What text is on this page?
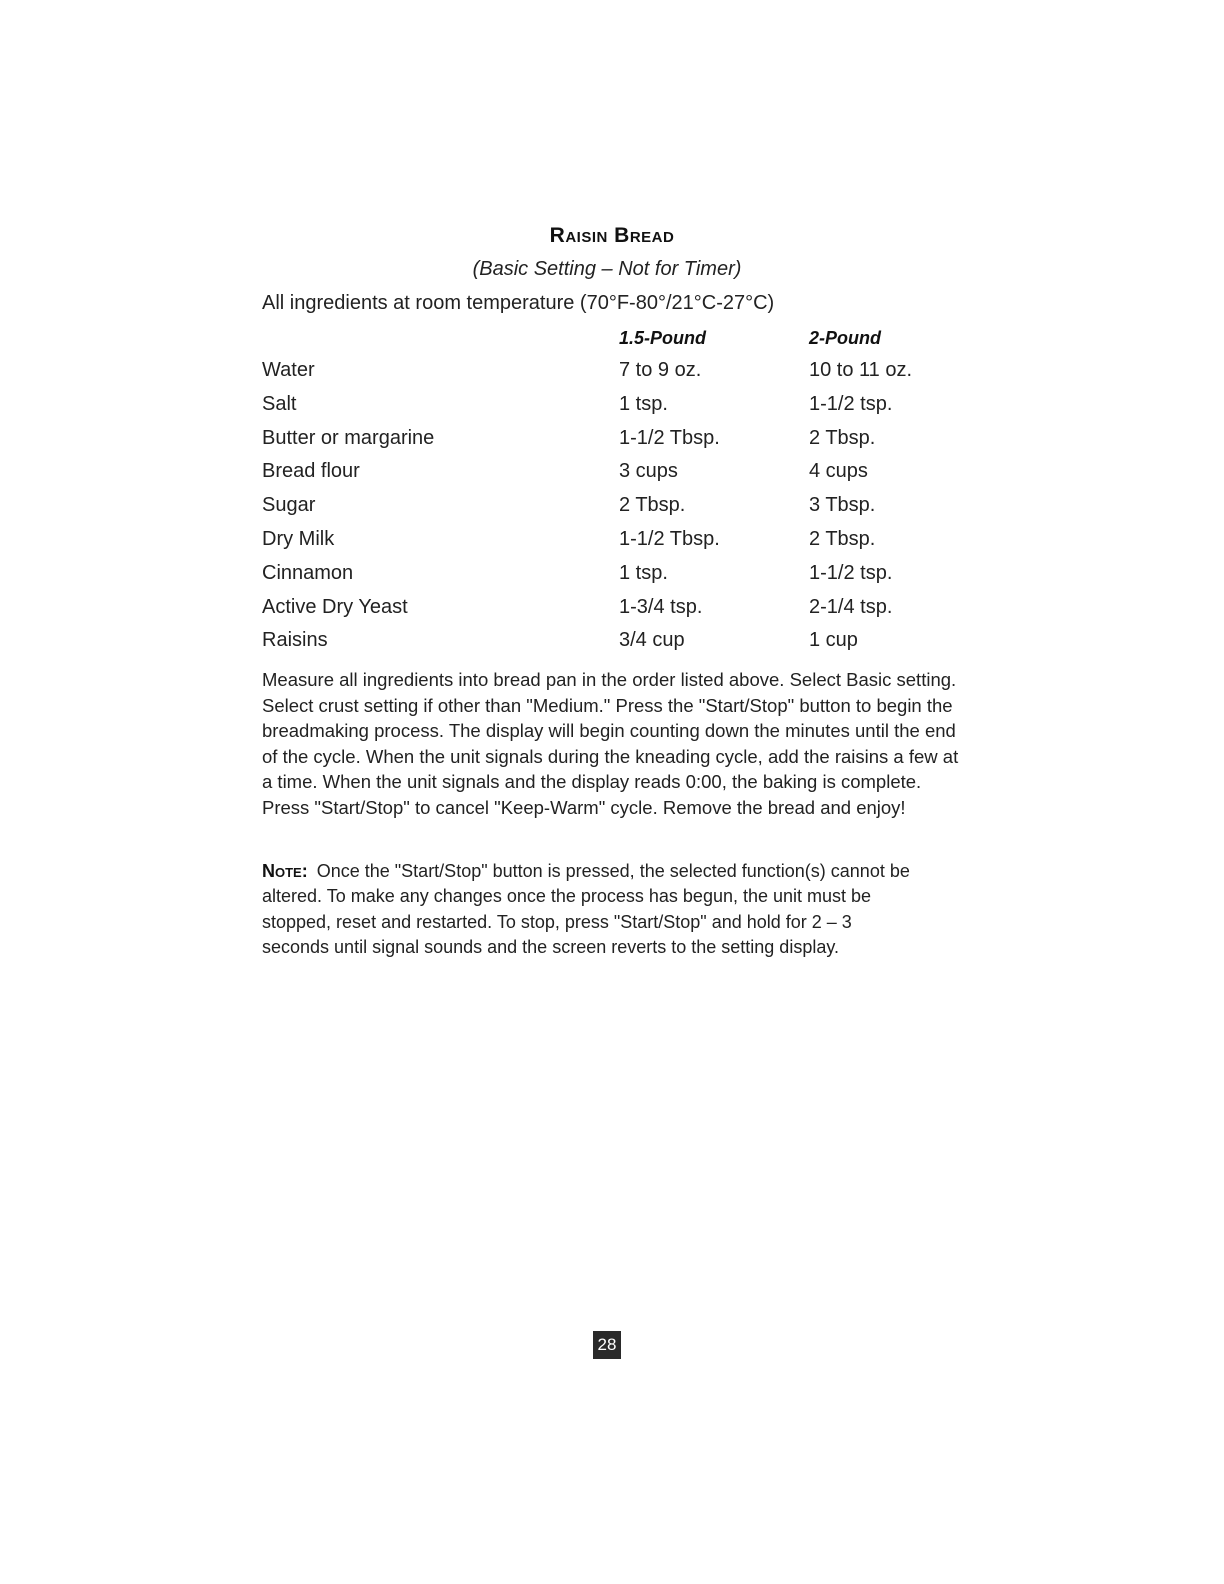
Raisin Bread
(Basic Setting – Not for Timer)
All ingredients at room temperature (70°F-80°/21°C-27°C)
1.5-Pound	2-Pound
Water	7 to 9 oz.	10 to 11 oz.
Salt	1 tsp.	1-1/2 tsp.
Butter or margarine	1-1/2 Tbsp.	2 Tbsp.
Bread flour	3 cups	4 cups
Sugar	2 Tbsp.	3 Tbsp.
Dry Milk	1-1/2 Tbsp.	2 Tbsp.
Cinnamon	1 tsp.	1-1/2 tsp.
Active Dry Yeast	1-3/4 tsp.	2-1/4 tsp.
Raisins	3/4 cup	1 cup

Measure all ingredients into bread pan in the order listed above. Select Basic setting. Select crust setting if other than "Medium." Press the "Start/Stop" button to begin the breadmaking process. The display will begin counting down the minutes until the end of the cycle. When the unit signals during the kneading cycle, add the raisins a few at a time. When the unit signals and the display reads 0:00, the baking is complete. Press "Start/Stop" to cancel "Keep-Warm" cycle. Remove the bread and enjoy!

Note: Once the "Start/Stop" button is pressed, the selected function(s) cannot be altered. To make any changes once the process has begun, the unit must be stopped, reset and restarted. To stop, press "Start/Stop" and hold for 2 – 3 seconds until signal sounds and the screen reverts to the setting display.

28
